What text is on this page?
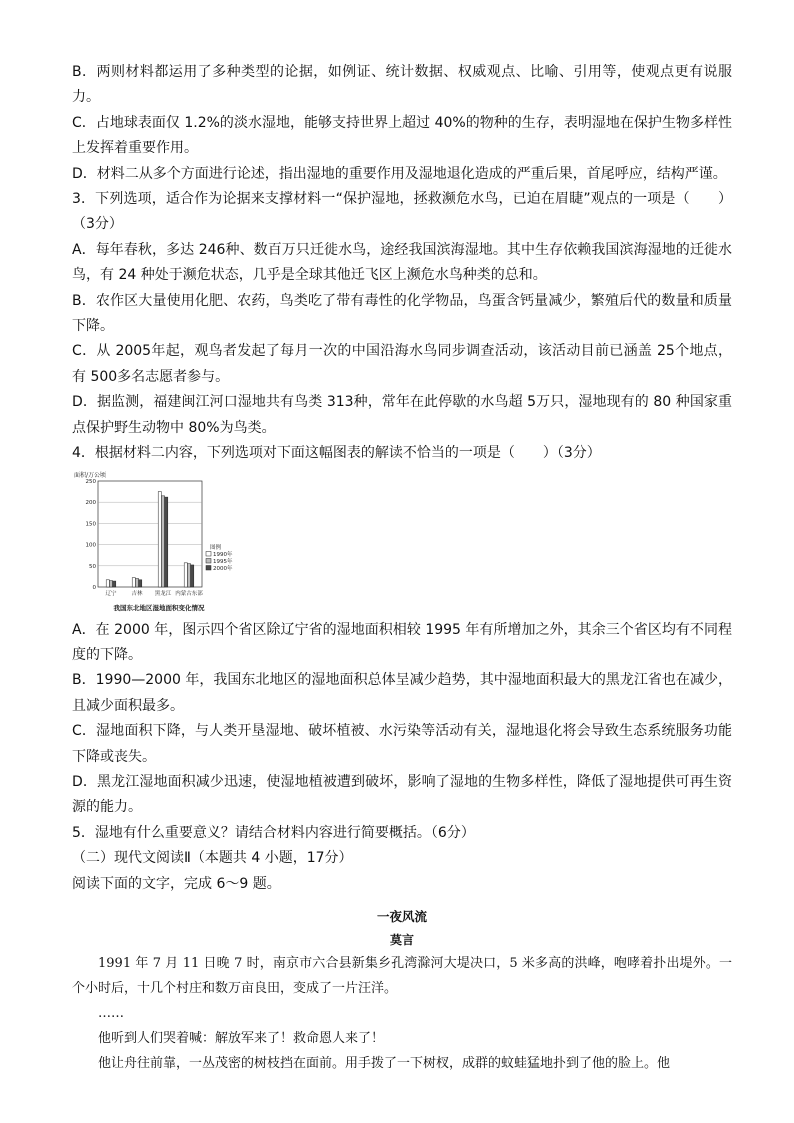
B．两则材料都运用了多种类型的论据，如例证、统计数据、权威观点、比喻、引用等，使观点更有说服力。

C．占地球表面仅 1.2%的淡水湿地，能够支持世界上超过 40%的物种的生存，表明湿地在保护生物多样性上发挥着重要作用。

D．材料二从多个方面进行论述，指出湿地的重要作用及湿地退化造成的严重后果，首尾呼应，结构严谨。

3．下列选项，适合作为论据来支撑材料一“保护湿地，拯救濒危水鸟，已迫在眉睫”观点的一项是（　　）（3分）

A．每年春秋，多达 246种、数百万只迁徙水鸟，途经我国滨海湿地。其中生存依赖我国滨海湿地的迁徙水鸟，有 24 种处于濒危状态，几乎是全球其他迁飞区上濒危水鸟种类的总和。

B．农作区大量使用化肥、农药，鸟类吃了带有毒性的化学物品，鸟蛋含钙量减少，繁殖后代的数量和质量下降。

C．从 2005年起，观鸟者发起了每月一次的中国沿海水鸟同步调查活动，该活动目前已涵盖 25个地点，有 500多名志愿者参与。

D．据监测，福建闽江河口湿地共有鸟类 313种，常年在此停歇的水鸟超 5万只，湿地现有的 80 种国家重点保护野生动物中 80%为鸟类。

4．根据材料二内容，下列选项对下面这幅图表的解读不恰当的一项是（　　）（3分）

面积/万公顷
0
50
100
150
200
250
辽宁	吉林 黑龙江 内蒙古东部
图例
1990年
1995年
2000年
我国东北地区湿地面积变化情况

A．在 2000 年，图示四个省区除辽宁省的湿地面积相较 1995 年有所增加之外，其余三个省区均有不同程度的下降。

B．1990—2000 年，我国东北地区的湿地面积总体呈减少趋势，其中湿地面积最大的黑龙江省也在减少，且减少面积最多。

C．湿地面积下降，与人类开垦湿地、破坏植被、水污染等活动有关，湿地退化将会导致生态系统服务功能下降或丧失。

D．黑龙江湿地面积减少迅速，使湿地植被遭到破坏，影响了湿地的生物多样性，降低了湿地提供可再生资源的能力。

5．湿地有什么重要意义？请结合材料内容进行简要概括。（6分）

（二）现代文阅读Ⅱ（本题共 4 小题，17分）

阅读下面的文字，完成 6～9 题。

一夜风流

莫言

1991 年 7 月 11 日晚 7 时，南京市六合县新集乡孔湾滁河大堤决口，5 米多高的洪峰，咆哮着扑出堤外。一个小时后，十几个村庄和数万亩良田，变成了一片汪洋。

……

他听到人们哭着喊：解放军来了！救命恩人来了！

他让舟往前靠，一丛茂密的树枝挡在面前。用手拨了一下树杈，成群的蚊蛙猛地扑到了他的脸上。他
